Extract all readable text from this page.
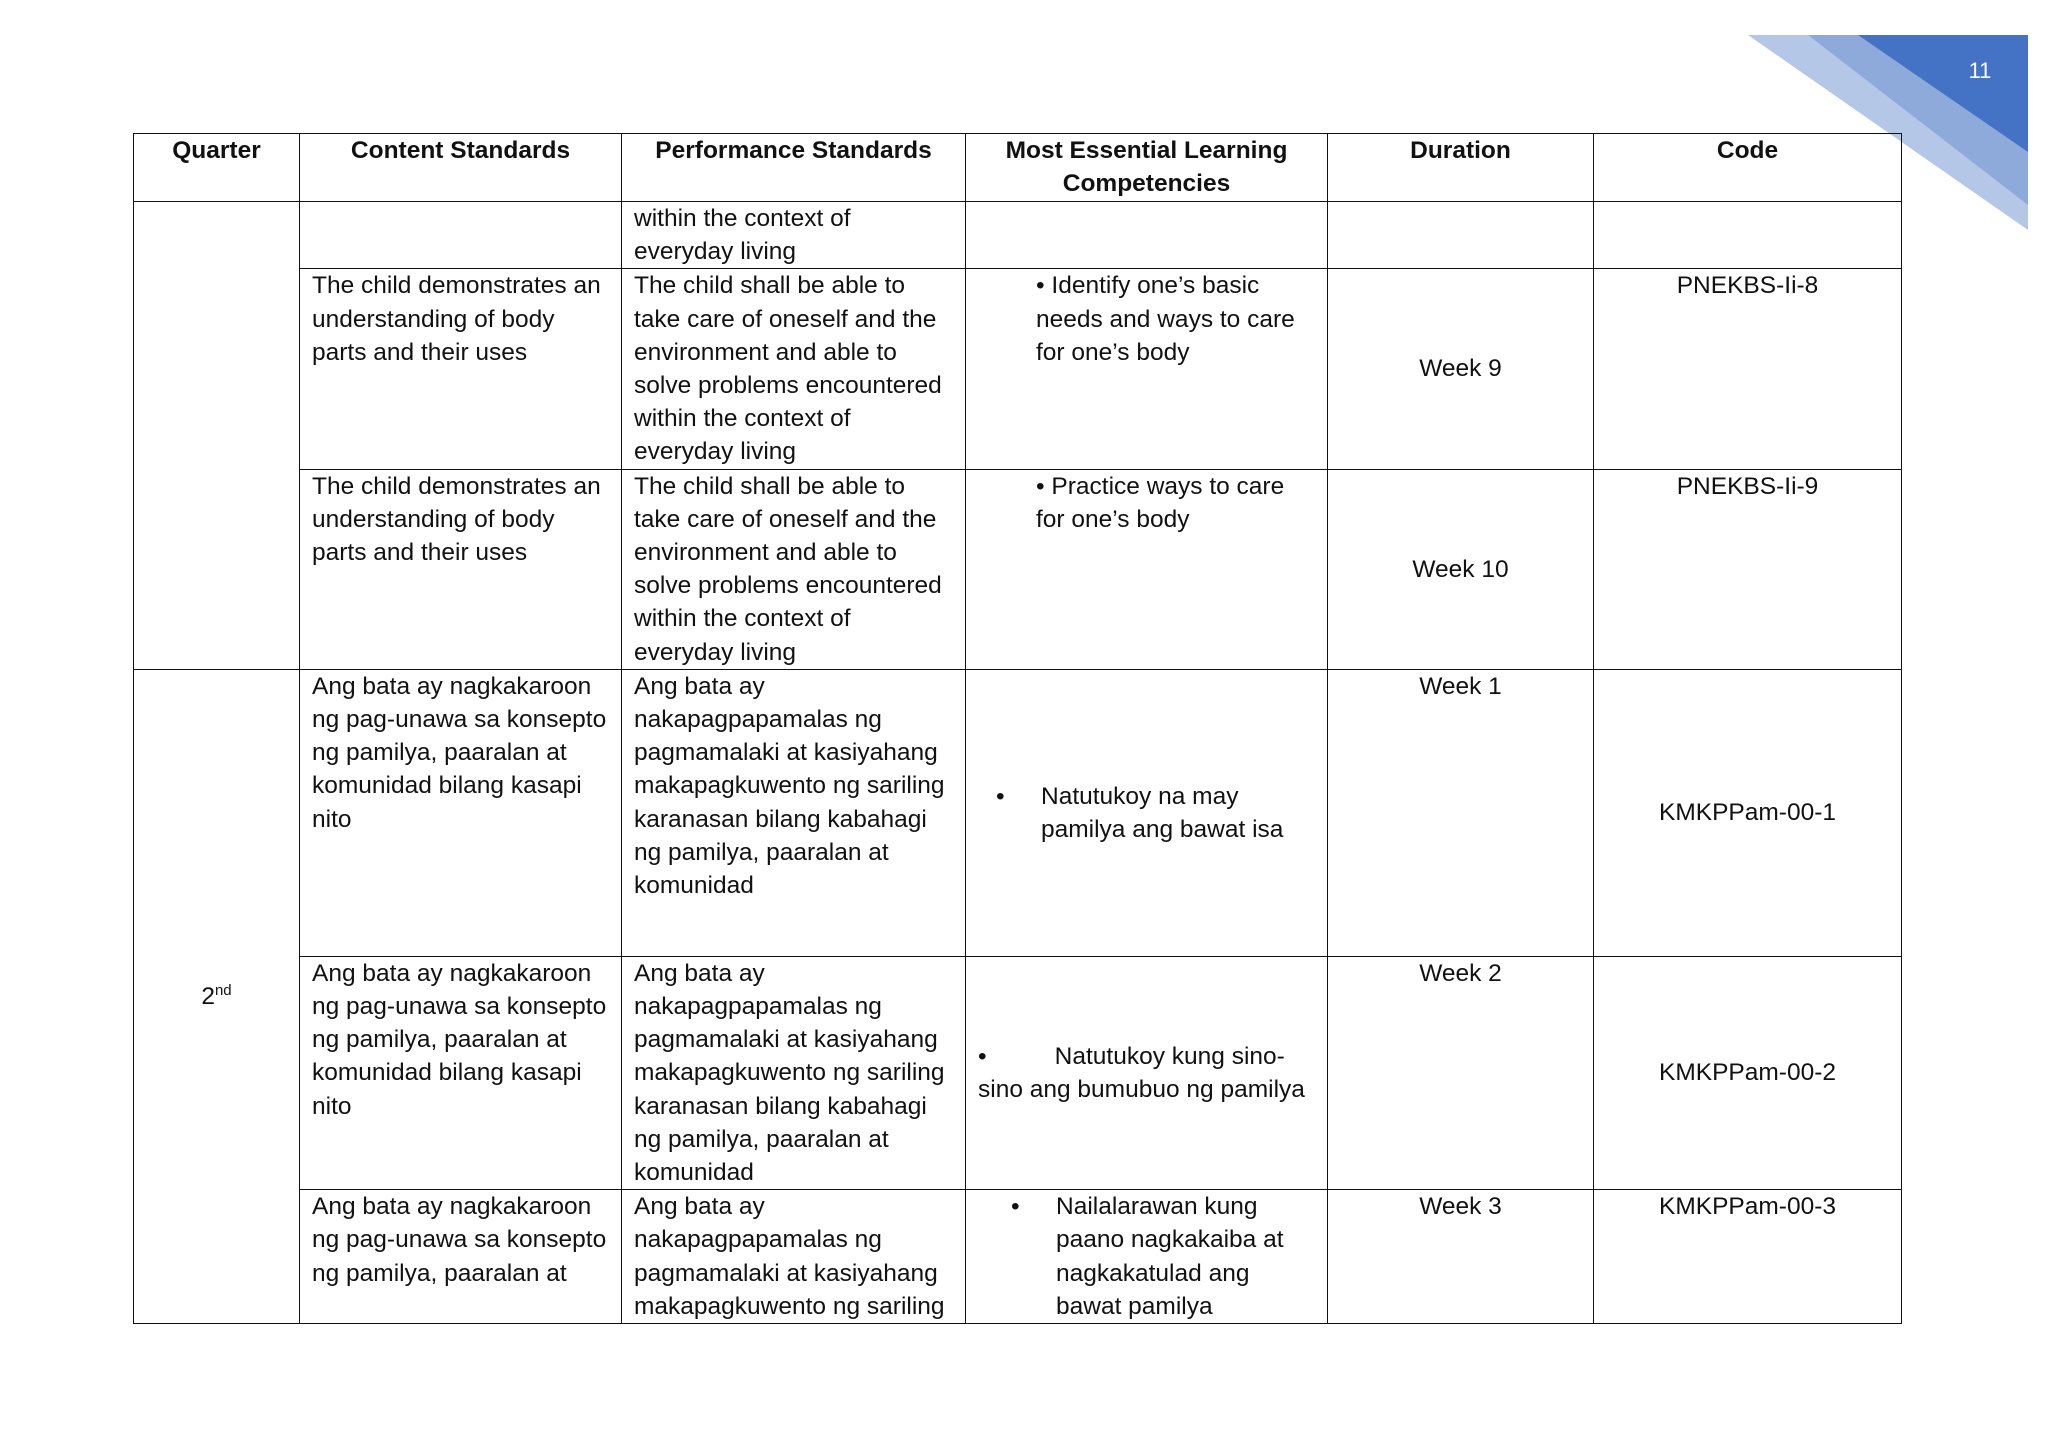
11
Quarter	Content Standards	Performance Standards	Most Essential Learning Competencies	Duration	Code
		within the context of everyday living			
	The child demonstrates an understanding of body parts and their uses	The child shall be able to take care of oneself and the environment and able to solve problems encountered within the context of everyday living	• Identify one’s basic needs and ways to care for one’s body	Week 9	PNEKBS-Ii-8
	The child demonstrates an understanding of body parts and their uses	The child shall be able to take care of oneself and the environment and able to solve problems encountered within the context of everyday living	• Practice ways to care for one’s body	Week 10	PNEKBS-Ii-9
2nd	Ang bata ay nagkakaroon ng pag-unawa sa konsepto ng pamilya, paaralan at komunidad bilang kasapi nito	Ang bata ay nakapagpapamalas ng pagmamalaki at kasiyahang makapagkuwento ng sariling karanasan bilang kabahagi ng pamilya, paaralan at komunidad	• Natutukoy na may pamilya ang bawat isa	Week 1	KMKPPam-00-1
	Ang bata ay nagkakaroon ng pag-unawa sa konsepto ng pamilya, paaralan at komunidad bilang kasapi nito	Ang bata ay nakapagpapamalas ng pagmamalaki at kasiyahang makapagkuwento ng sariling karanasan bilang kabahagi ng pamilya, paaralan at komunidad	•          Natutukoy kung sino-sino ang bumubuo ng pamilya	Week 2	KMKPPam-00-2
	Ang bata ay nagkakaroon ng pag-unawa sa konsepto ng pamilya, paaralan at	Ang bata ay nakapagpapamalas ng pagmamalaki at kasiyahang makapagkuwento ng sariling	• Nailalarawan kung paano nagkakaiba at nagkakatulad ang bawat pamilya	Week 3	KMKPPam-00-3
